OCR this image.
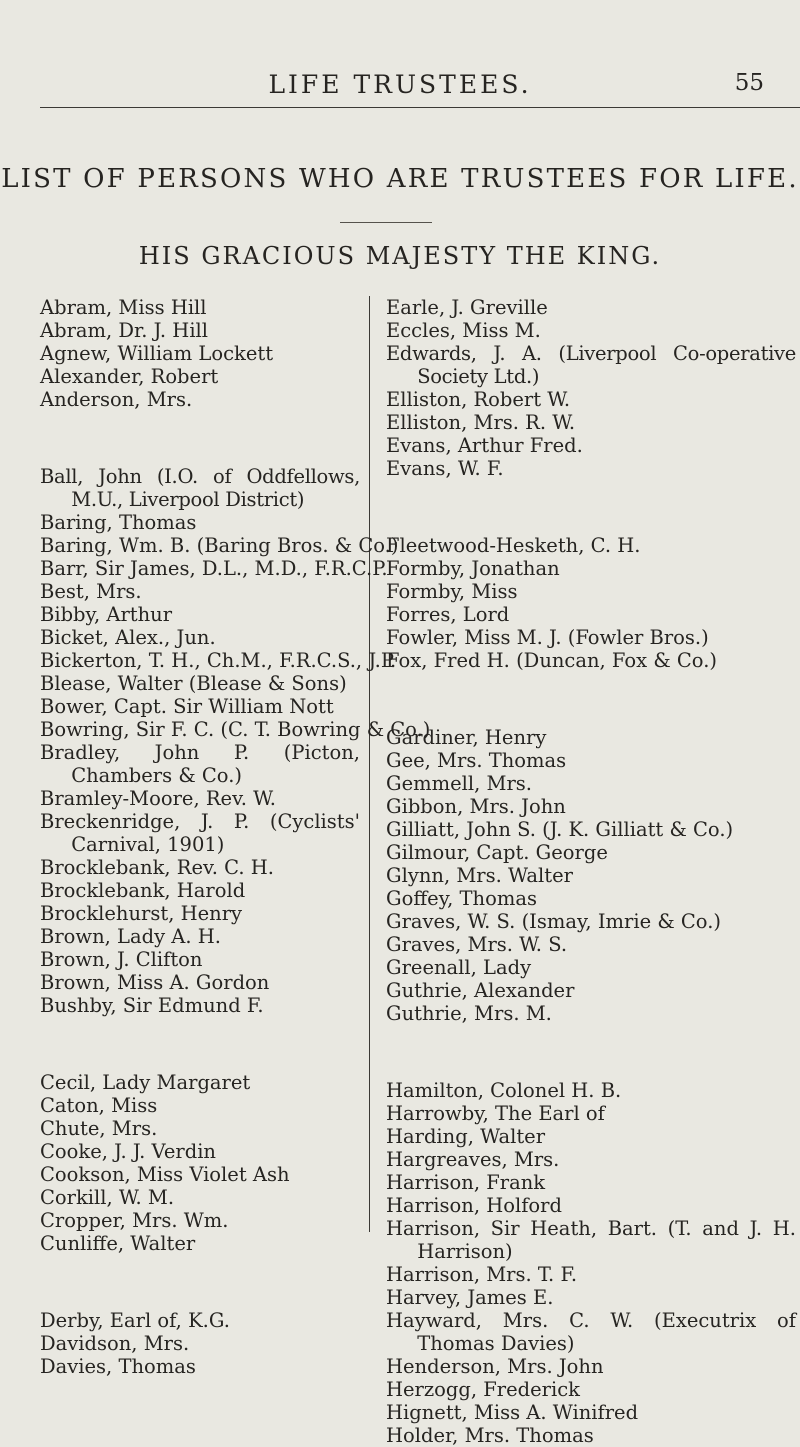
LIFE TRUSTEES.	55
LIST OF PERSONS WHO ARE TRUSTEES FOR LIFE.
HIS GRACIOUS MAJESTY THE KING.

Abram, Miss Hill

Abram, Dr. J. Hill

Agnew, William Lockett

Alexander, Robert

Anderson, Mrs.

Ball, John (I.O. of Oddfellows, M.U., Liverpool District)

Baring, Thomas

Baring, Wm. B. (Baring Bros. & Co.)

Barr, Sir James, D.L., M.D., F.R.C.P.

Best, Mrs.

Bibby, Arthur

Bicket, Alex., Jun.

Bickerton, T. H., Ch.M., F.R.C.S., J.P.

Blease, Walter (Blease & Sons)

Bower, Capt. Sir William Nott

Bowring, Sir F. C. (C. T. Bowring & Co.)

Bradley, John P. (Picton, Chambers & Co.)

Bramley-Moore, Rev. W.

Breckenridge, J. P. (Cyclists' Carnival, 1901)

Brocklebank, Rev. C. H.

Brocklebank, Harold

Brocklehurst, Henry

Brown, Lady A. H.

Brown, J. Clifton

Brown, Miss A. Gordon

Bushby, Sir Edmund F.

Cecil, Lady Margaret

Caton, Miss

Chute, Mrs.

Cooke, J. J. Verdin

Cookson, Miss Violet Ash

Corkill, W. M.

Cropper, Mrs. Wm.

Cunliffe, Walter

Derby, Earl of, K.G.

Davidson, Mrs.

Davies, Thomas

Earle, J. Greville

Eccles, Miss M.

Edwards, J. A. (Liverpool Co-operative Society Ltd.)

Elliston, Robert W.

Elliston, Mrs. R. W.

Evans, Arthur Fred.

Evans, W. F.

Fleetwood-Hesketh, C. H.

Formby, Jonathan

Formby, Miss

Forres, Lord

Fowler, Miss M. J. (Fowler Bros.)

Fox, Fred H. (Duncan, Fox & Co.)

Gardiner, Henry

Gee, Mrs. Thomas

Gemmell, Mrs.

Gibbon, Mrs. John

Gilliatt, John S. (J. K. Gilliatt & Co.)

Gilmour, Capt. George

Glynn, Mrs. Walter

Goffey, Thomas

Graves, W. S. (Ismay, Imrie & Co.)

Graves, Mrs. W. S.

Greenall, Lady

Guthrie, Alexander

Guthrie, Mrs. M.

Hamilton, Colonel H. B.

Harrowby, The Earl of

Harding, Walter

Hargreaves, Mrs.

Harrison, Frank

Harrison, Holford

Harrison, Sir Heath, Bart. (T. and J. H. Harrison)

Harrison, Mrs. T. F.

Harvey, James E.

Hayward, Mrs. C. W. (Executrix of Thomas Davies)

Henderson, Mrs. John

Herzogg, Frederick

Hignett, Miss A. Winifred

Holder, Mrs. Thomas
